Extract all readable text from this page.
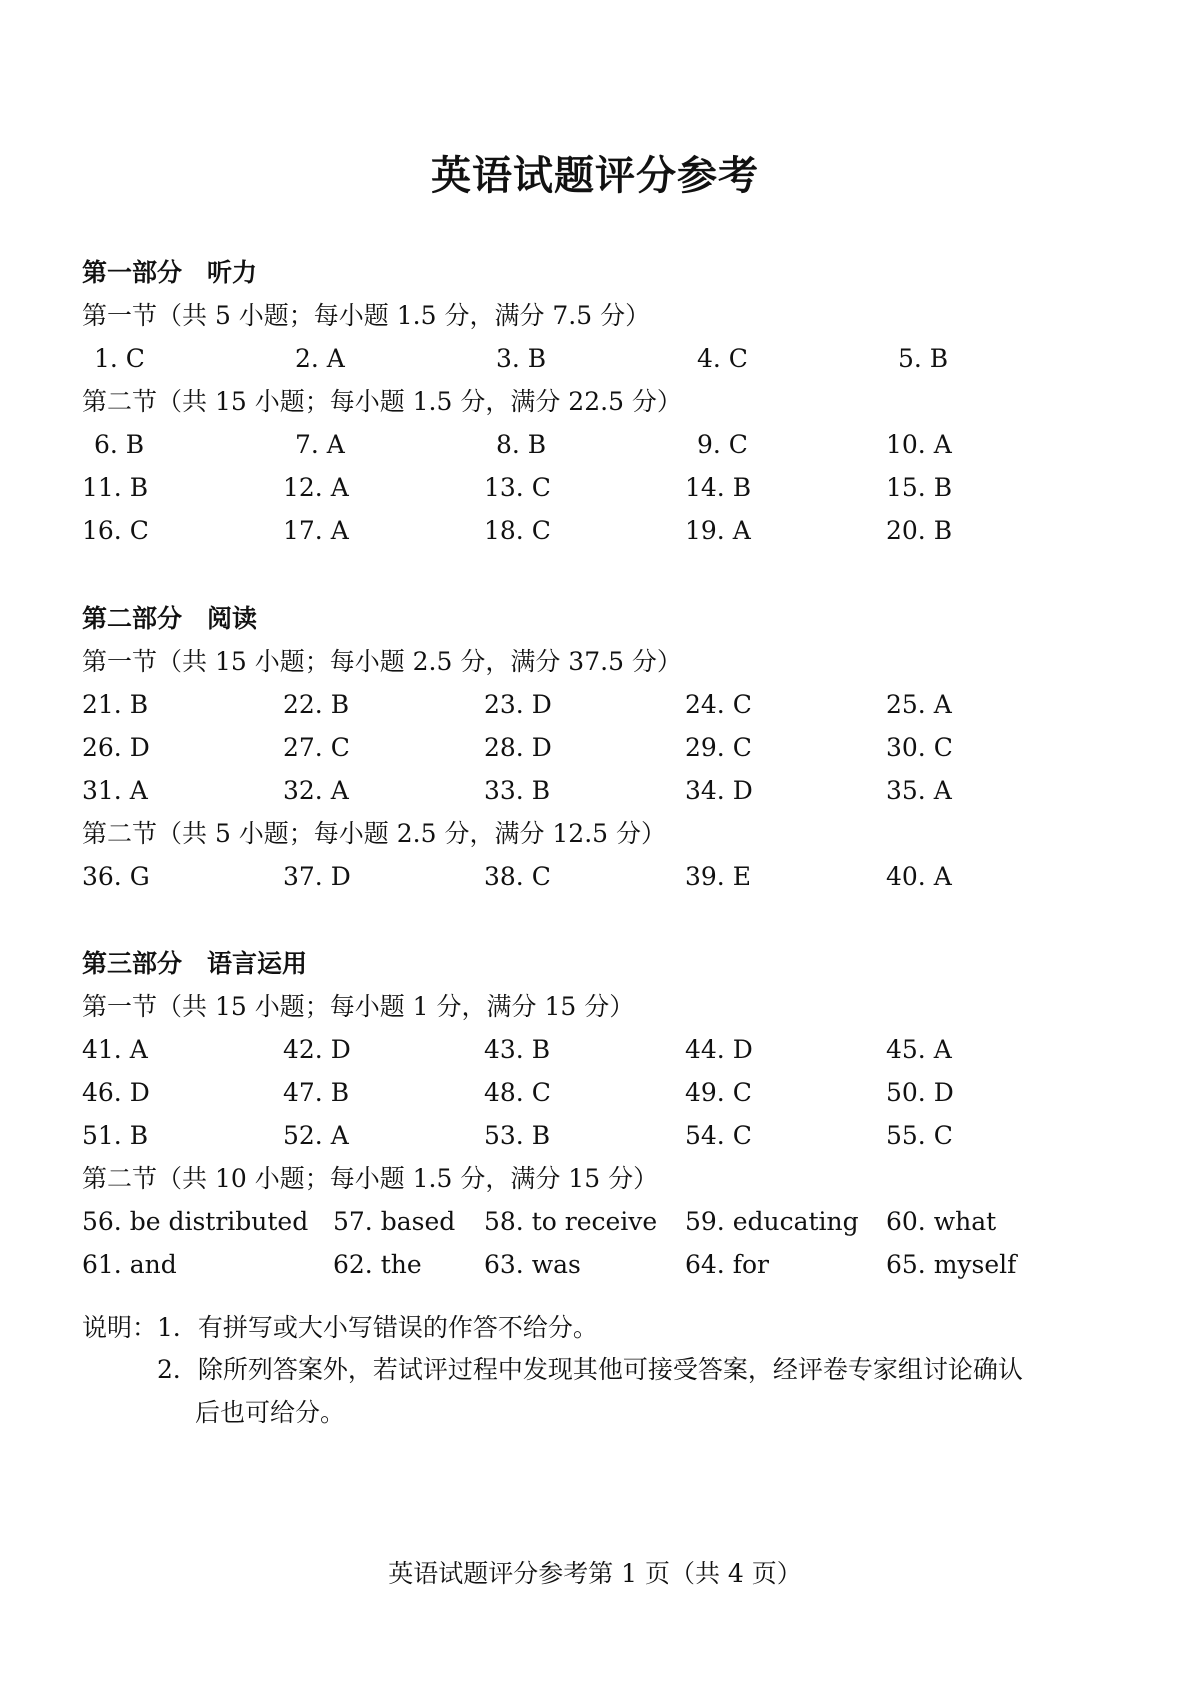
英语试题评分参考
第一部分　听力
第一节（共 5 小题；每小题 1.5 分，满分 7.5 分）
1. C	2. A	3. B	4. C	5. B
第二节（共 15 小题；每小题 1.5 分，满分 22.5 分）
6. B	7. A	8. B	9. C	10. A
11. B	12. A	13. C	14. B	15. B
16. C	17. A	18. C	19. A	20. B
第二部分　阅读
第一节（共 15 小题；每小题 2.5 分，满分 37.5 分）
21. B	22. B	23. D	24. C	25. A
26. D	27. C	28. D	29. C	30. C
31. A	32. A	33. B	34. D	35. A
第二节（共 5 小题；每小题 2.5 分，满分 12.5 分）
36. G	37. D	38. C	39. E	40. A
第三部分　语言运用
第一节（共 15 小题；每小题 1 分，满分 15 分）
41. A	42. D	43. B	44. D	45. A
46. D	47. B	48. C	49. C	50. D
51. B	52. A	53. B	54. C	55. C
第二节（共 10 小题；每小题 1.5 分，满分 15 分）
56. be distributed 57. based 58. to receive 59. educating 60. what
61. and	62. the 63. was	64. for	65. myself
说明： 1．有拼写或大小写错误的作答不给分。
2．除所列答案外，若试评过程中发现其他可接受答案，经评卷专家组讨论确认
后也可给分。
英语试题评分参考第 1 页（共 4 页）
